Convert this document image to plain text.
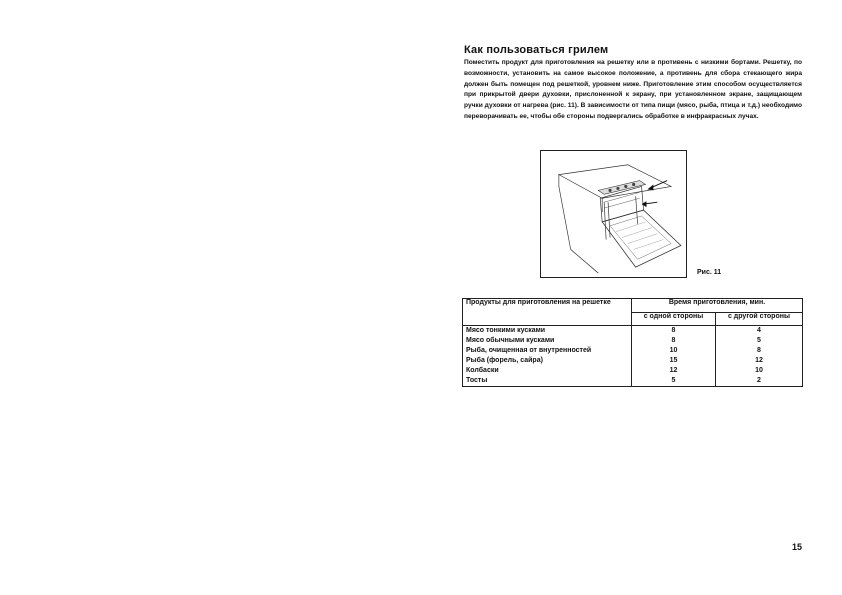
Как пользоваться грилем
Поместить продукт для приготовления на решетку или в противень с низкими бортами. Решетку, по возможности, установить на самое высокое положение, а противень для сбора стекающего жира должен быть помещен под решеткой, уровнем ниже. Приготовление этим способом осуществляется при прикрытой двери духовки, прислоненной к экрану, при установленном экране, защищающем ручки духовки от нагрева (рис. 11). В зависимости от типа пищи (мясо, рыба, птица и т.д.) необходимо переворачивать ее, чтобы обе стороны подвергались обработке в инфракрасных лучах.
Рис. 11
Продукты для приготовления на решетке	Время приготовления, мин.	
	с одной стороны	с другой стороны
Мясо тонкими кусками	8	4
Мясо обычными кусками	8	5
Рыба, очищенная от внутренностей	10	8
Рыба (форель, сайра)	15	12
Колбаски	12	10
Тосты	5	2
15
